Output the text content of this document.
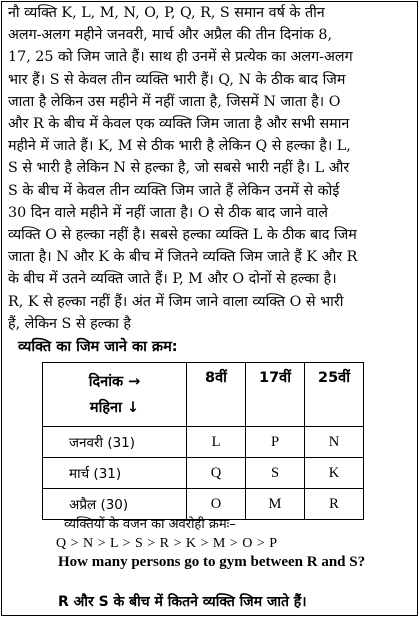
नौ व्यक्ति K, L, M, N, O, P, Q, R, S समान वर्ष के तीन
अलग-अलग महीने जनवरी, मार्च और अप्रैल की तीन दिनांक 8,
17, 25 को जिम जाते हैं। साथ ही उनमें से प्रत्येक का अलग-अलग
भार हैं। S से केवल तीन व्यक्ति भारी हैं। Q, N के ठीक बाद जिम
जाता है लेकिन उस महीने में नहीं जाता है, जिसमें N जाता है। O
और R के बीच में केवल एक व्यक्ति जिम जाता है और सभी समान
महीने में जाते हैं। K, M से ठीक भारी है लेकिन Q से हल्का है। L,
S से भारी है लेकिन N से हल्का है, जो सबसे भारी नहीं है। L और
S के बीच में केवल तीन व्यक्ति जिम जाते हैं लेकिन उनमें से कोई
30 दिन वाले महीने में नहीं जाता है। O से ठीक बाद जाने वाले
व्यक्ति O से हल्का नहीं है। सबसे हल्का व्यक्ति L के ठीक बाद जिम
जाता है। N और K के बीच में जितने व्यक्ति जिम जाते हैं K और R
के बीच में उतने व्यक्ति जाते हैं। P, M और O दोनों से हल्का है।
R, K से हल्का नहीं हैं। अंत में जिम जाने वाला व्यक्ति O से भारी
हैं, लेकिन S से हल्का है
व्यक्ति का जिम जाने का क्रम:
दिनांक →
महिना ↓	8वीं	17वीं	25वीं
जनवरी (31)	L	P	N
मार्च (31)	Q	S	K
अप्रैल (30)	O	M	R
व्यक्तियों के वजन का अवरोही क्रमः–
Q > N > L > S > R > K > M > O > P
How many persons go to gym between R and S?
R और S के बीच में कितने व्यक्ति जिम जाते हैं।
